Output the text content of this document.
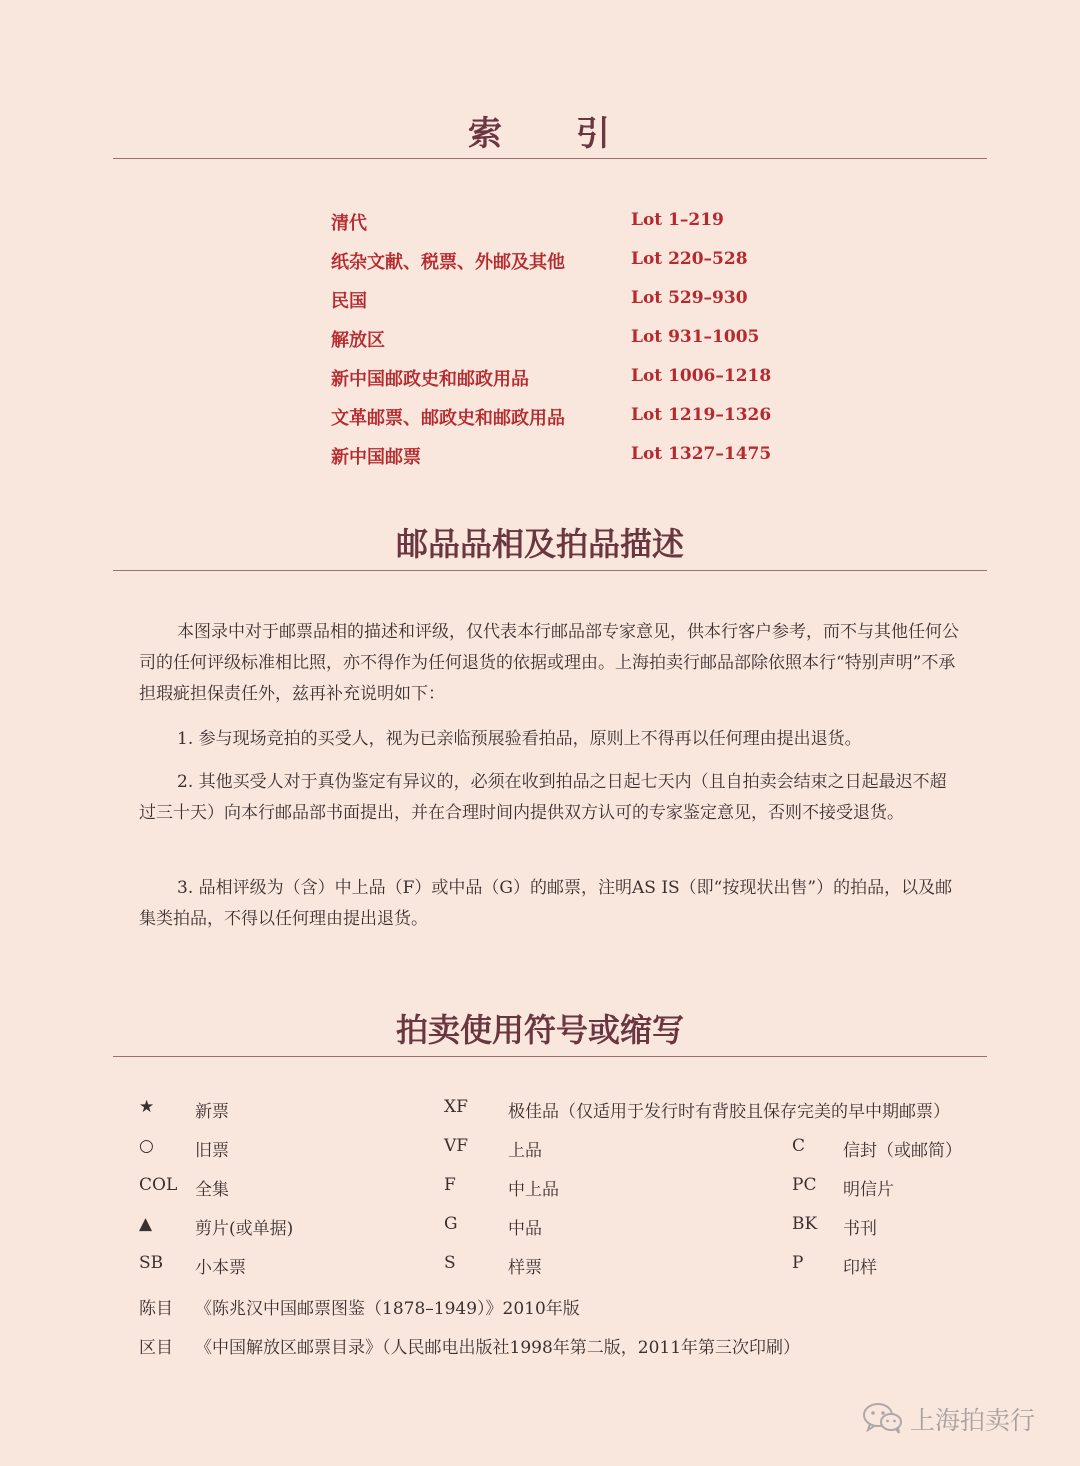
索　　引
清代	Lot 1–219
纸杂文献、税票、外邮及其他	Lot 220–528
民国	Lot 529–930
解放区	Lot 931–1005
新中国邮政史和邮政用品	Lot 1006–1218
文革邮票、邮政史和邮政用品	Lot 1219–1326
新中国邮票	Lot 1327–1475
邮品品相及拍品描述
本图录中对于邮票品相的描述和评级，仅代表本行邮品部专家意见，供本行客户参考，而不与其他任何公司的任何评级标准相比照，亦不得作为任何退货的依据或理由。上海拍卖行邮品部除依照本行“特别声明”不承担瑕疵担保责任外，兹再补充说明如下：
1. 参与现场竞拍的买受人，视为已亲临预展验看拍品，原则上不得再以任何理由提出退货。
2. 其他买受人对于真伪鉴定有异议的，必须在收到拍品之日起七天内（且自拍卖会结束之日起最迟不超过三十天）向本行邮品部书面提出，并在合理时间内提供双方认可的专家鉴定意见，否则不接受退货。
3. 品相评级为（含）中上品（F）或中品（G）的邮票，注明AS IS（即“按现状出售”）的拍品，以及邮集类拍品，不得以任何理由提出退货。
拍卖使用符号或缩写
★ 新票
○ 旧票
COL 全集
▲	剪片(或单据)
SB 小本票
XF 极佳品（仅适用于发行时有背胶且保存完美的早中期邮票）
VF 上品
F	中上品
G	中品
S	样票
C 信封（或邮简）
PC 明信片
BK 书刊
P 印样
陈目 《陈兆汉中国邮票图鉴（1878–1949）》2010年版
区目 《中国解放区邮票目录》（人民邮电出版社1998年第二版，2011年第三次印刷）
上海拍卖行
